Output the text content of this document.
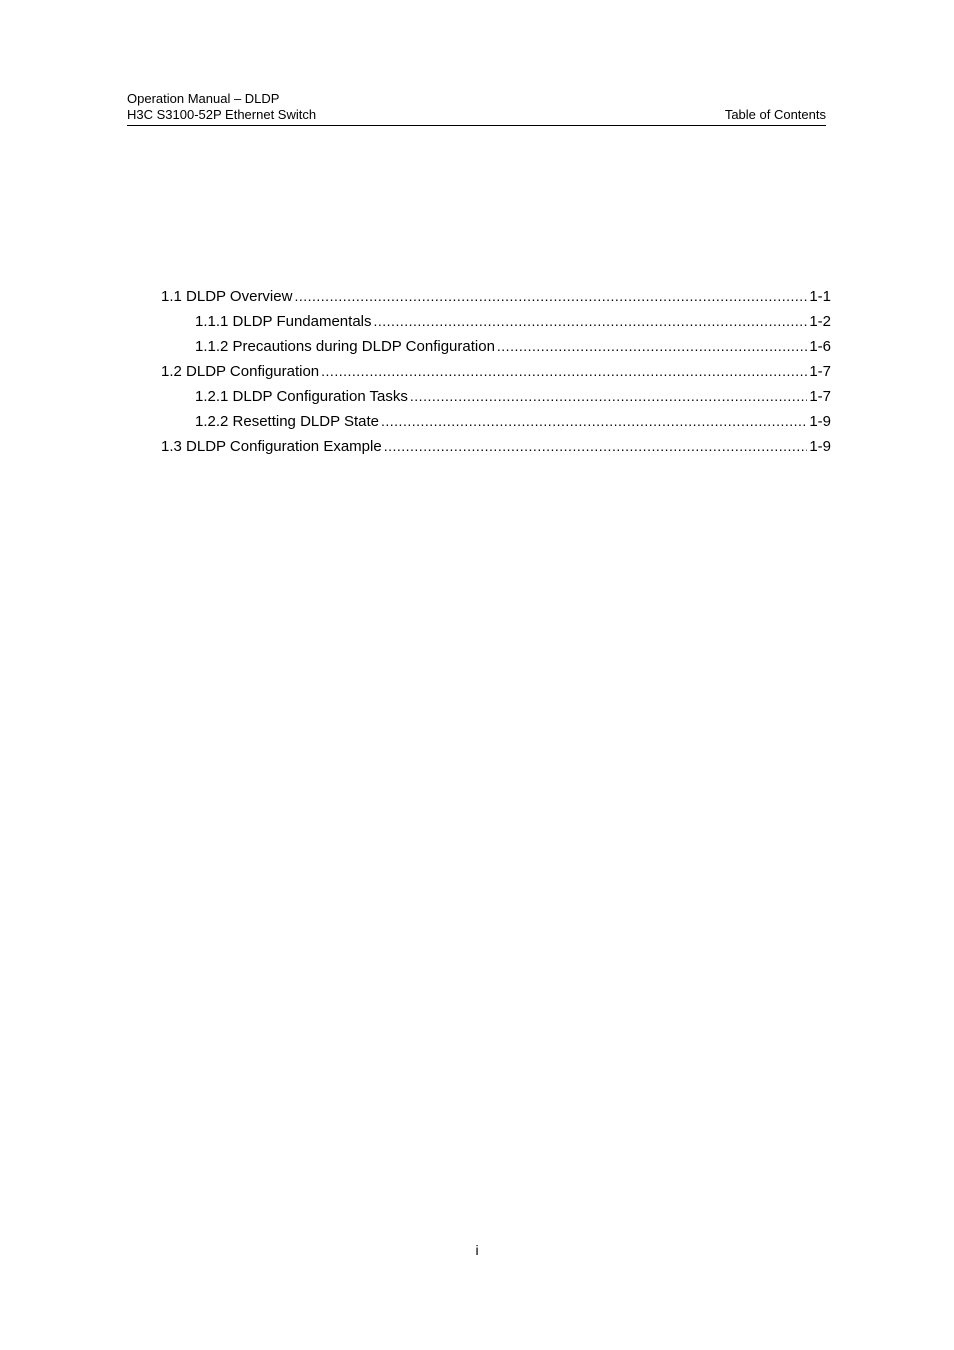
Operation Manual – DLDP
H3C S3100-52P Ethernet Switch	Table of Contents
1.1 DLDP Overview .....	1-1
1.1.1 DLDP Fundamentals .....	1-2
1.1.2 Precautions during DLDP Configuration .....	1-6
1.2 DLDP Configuration .....	1-7
1.2.1 DLDP Configuration Tasks .....	1-7
1.2.2 Resetting DLDP State .....	1-9
1.3 DLDP Configuration Example .....	1-9
i
